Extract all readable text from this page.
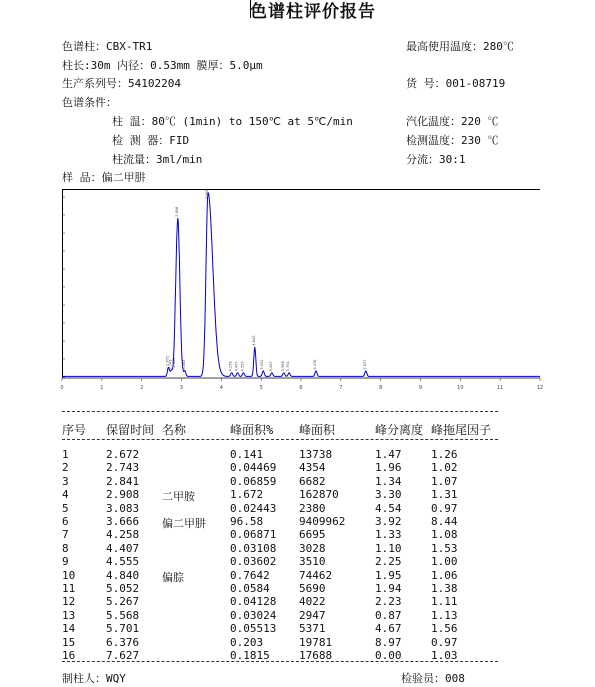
色谱柱评价报告
色谱柱：CBX-TR1	最高使用温度：280℃
柱长:30m 内径：0.53mm 膜厚：5.0μm
生产系列号：54102204	货 号：001-08719
色谱条件：
柱 温：80℃ (1min) to 150℃ at 5℃/min	汽化温度：220 ℃
检 测 器：FID	检测温度：230 ℃
柱流量：3ml/min	分流：30:1
样 品：偏二甲肼
0	1	2	3	4	5	6	7	8	9	10	11	12
2.672
2.743 2.841
2.908
3.083
3.666
4.258 4.407 4.555
4.840
5.052 5.267 5.568 5.701	6.376	7.627
序号 保留时间 名称	峰面积% 峰面积	峰分离度 峰拖尾因子
1	2.672	0.141	13738	1.47	1.26
2	2.743	0.04469 4354	1.96	1.02
3	2.841	0.06859 6682	1.34	1.07
4	2.908 二甲胺	1.672	162870	3.30	1.31
5	3.083	0.02443 2380	4.54	0.97
6	3.666 偏二甲肼 96.58	9409962	3.92	8.44
7	4.258	0.06871 6695	1.33	1.08
8	4.407	0.03108 3028	1.10	1.53
9	4.555	0.03602 3510	2.25	1.00
10	4.840 偏腙	0.7642	74462	1.95	1.06
11	5.052	0.0584	5690	1.94	1.38
12	5.267	0.04128 4022	2.23	1.11
13	5.568	0.03024 2947	0.87	1.13
14	5.701	0.05513 5371	4.67	1.56
15	6.376	0.203	19781	8.97	0.97
16	7.627	0.1815	17688	0.00	1.03
制柱人：WQY	检验员：008
